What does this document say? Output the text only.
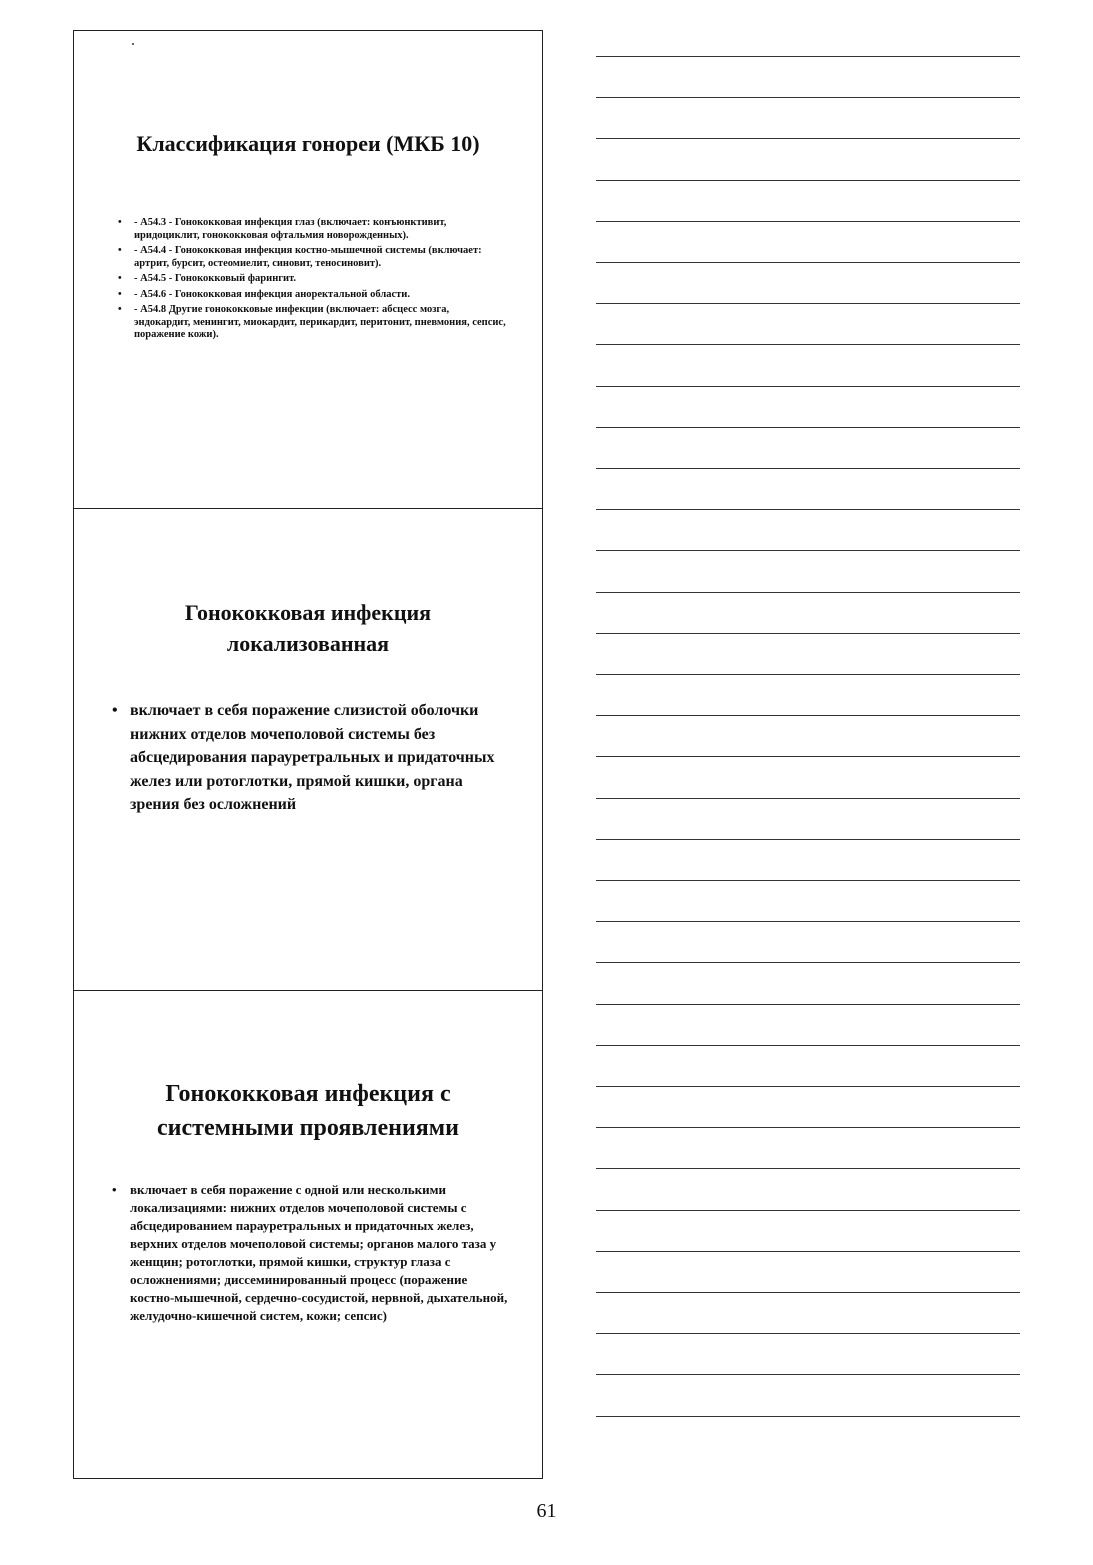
Классификация гонореи (МКБ 10)
• - А54.3 - Гонококковая инфекция глаз (включает: конъюнктивит, иридоциклит, гонококковая офтальмия новорожденных).
• - А54.4 - Гонококковая инфекция костно-мышечной системы (включает: артрит, бурсит, остеомиелит, синовит, теносиновит).
• - А54.5 - Гонококковый фарингит.
• - А54.6 - Гонококковая инфекция аноректальной области.
• - А54.8 Другие гонококковые инфекции (включает: абсцесс мозга, эндокардит, менингит, миокардит, перикардит, перитонит, пневмония, сепсис, поражение кожи).
Гонококковая инфекция
локализованная
• включает в себя поражение слизистой оболочки нижних отделов мочеполовой системы без абсцедирования парауретральных и придаточных желез или ротоглотки, прямой кишки, органа зрения без осложнений
Гонококковая инфекция с
системными проявлениями
• включает в себя поражение с одной или несколькими локализациями: нижних отделов мочеполовой системы с абсцедированием парауретральных и придаточных желез, верхних отделов мочеполовой системы; органов малого таза у женщин; ротоглотки, прямой кишки, структур глаза с осложнениями; диссеминированный процесс (поражение костно-мышечной, сердечно-сосудистой, нервной, дыхательной, желудочно-кишечной систем, кожи; сепсис)
61
